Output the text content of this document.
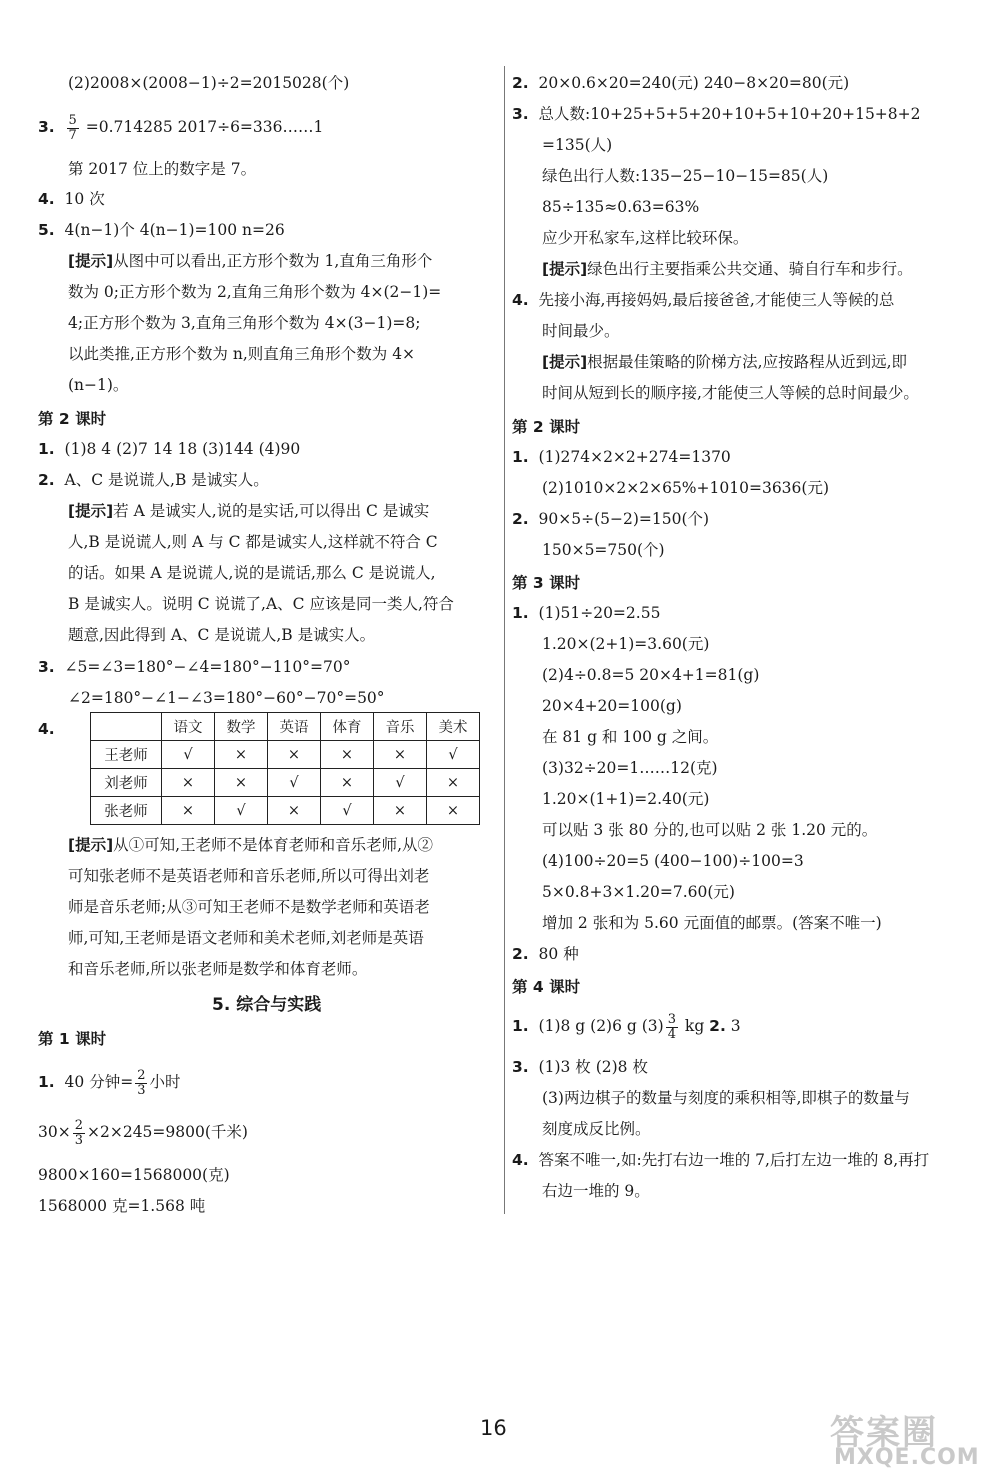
(2)2008×(2008−1)÷2=2015028(个)
3. $\frac{5}{7} =0.714285$ 2017÷6=336……1
第 2017 位上的数字是 7。
4. 10 次
5. 4(n−1)个 4(n−1)=100 n=26
[提示]从图中可以看出,正方形个数为 1,直角三角形个
数为 0;正方形个数为 2,直角三角形个数为 4×(2−1)=
4;正方形个数为 3,直角三角形个数为 4×(3−1)=8;
以此类推,正方形个数为 n,则直角三角形个数为 4×
(n−1)。
第 2 课时
1. (1)8 4 (2)7 14 18 (3)144 (4)90
2. A、C 是说谎人,B 是诚实人。
[提示]若 A 是诚实人,说的是实话,可以得出 C 是诚实
人,B 是说谎人,则 A 与 C 都是诚实人,这样就不符合 C
的话。如果 A 是说谎人,说的是谎话,那么 C 是说谎人,
B 是诚实人。说明 C 说谎了,A、C 应该是同一类人,符合
题意,因此得到 A、C 是说谎人,B 是诚实人。
3. ∠5=∠3=180°−∠4=180°−110°=70°
∠2=180°−∠1−∠3=180°−60°−70°=50°
4.
		语文	数学	英语	体育	音乐	美术
王老师	√	×	×	×	×	√
刘老师	×	×	√	×	√	×
张老师	×	√	×	√	×	×
[提示]从①可知,王老师不是体育老师和音乐老师,从②
可知张老师不是英语老师和音乐老师,所以可得出刘老
师是音乐老师;从③可知王老师不是数学老师和英语老
师,可知,王老师是语文老师和美术老师,刘老师是英语
和音乐老师,所以张老师是数学和体育老师。
5. 综合与实践
第 1 课时
1. 40 分钟= $\frac{2}{3}$ 小时
$30\times \frac{2}{3} \times 2\times 245=9800$(千米)
9800×160=1568000(克)
1568000 克=1.568 吨
2. 20×0.6×20=240(元) 240−8×20=80(元)
3. 总人数:10+25+5+5+20+10+5+10+20+15+8+2
=135(人)
绿色出行人数:135−25−10−15=85(人)
85÷135≈0.63=63%
应少开私家车,这样比较环保。
[提示]绿色出行主要指乘公共交通、骑自行车和步行。
4. 先接小海,再接妈妈,最后接爸爸,才能使三人等候的总
时间最少。
[提示]根据最佳策略的阶梯方法,应按路程从近到远,即
时间从短到长的顺序接,才能使三人等候的总时间最少。
第 2 课时
1. (1)274×2×2+274=1370
(2)1010×2×2×65%+1010=3636(元)
2. 90×5÷(5−2)=150(个)
150×5=750(个)
第 3 课时
1. (1)51÷20=2.55
1.20×(2+1)=3.60(元)
(2)4÷0.8=5 20×4+1=81(g)
20×4+20=100(g)
在 81 g 和 100 g 之间。
(3)32÷20=1……12(克)
1.20×(1+1)=2.40(元)
可以贴 3 张 80 分的,也可以贴 2 张 1.20 元的。
(4)100÷20=5 (400−100)÷100=3
5×0.8+3×1.20=7.60(元)
增加 2 张和为 5.60 元面值的邮票。(答案不唯一)
2. 80 种
第 4 课时
1. (1)8 g (2)6 g $(3) \frac{3}{4}$ kg 2. 3
3. (1)3 枚 (2)8 枚
(3)两边棋子的数量与刻度的乘积相等,即棋子的数量与
刻度成反比例。
4. 答案不唯一,如:先打右边一堆的 7,后打左边一堆的 8,再打
右边一堆的 9。
16	答案圈
MXQE.COM
